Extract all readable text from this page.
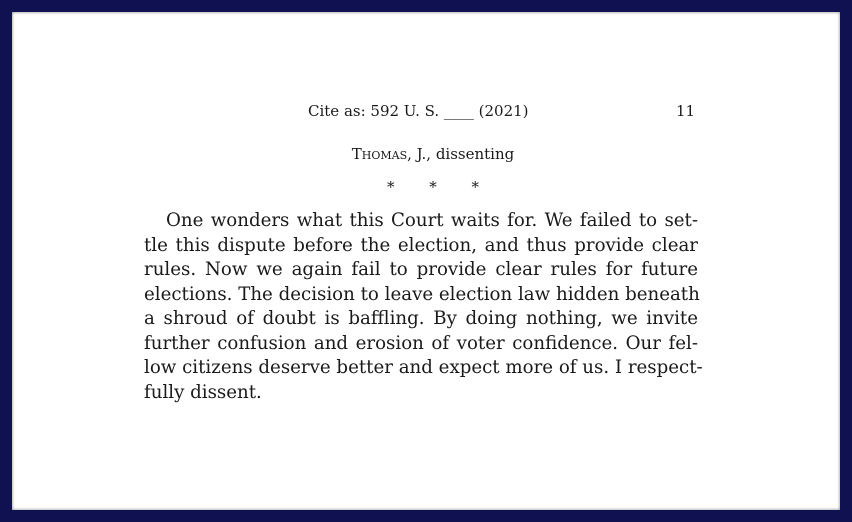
Cite as: 592 U. S. ____ (2021)	11
Thomas, J., dissenting
* * *
One wonders what this Court waits for. We failed to set-
tle this dispute before the election, and thus provide clear
rules. Now we again fail to provide clear rules for future
elections. The decision to leave election law hidden beneath
a shroud of doubt is baffling. By doing nothing, we invite
further confusion and erosion of voter confidence. Our fel-
low citizens deserve better and expect more of us. I respect-
fully dissent.
